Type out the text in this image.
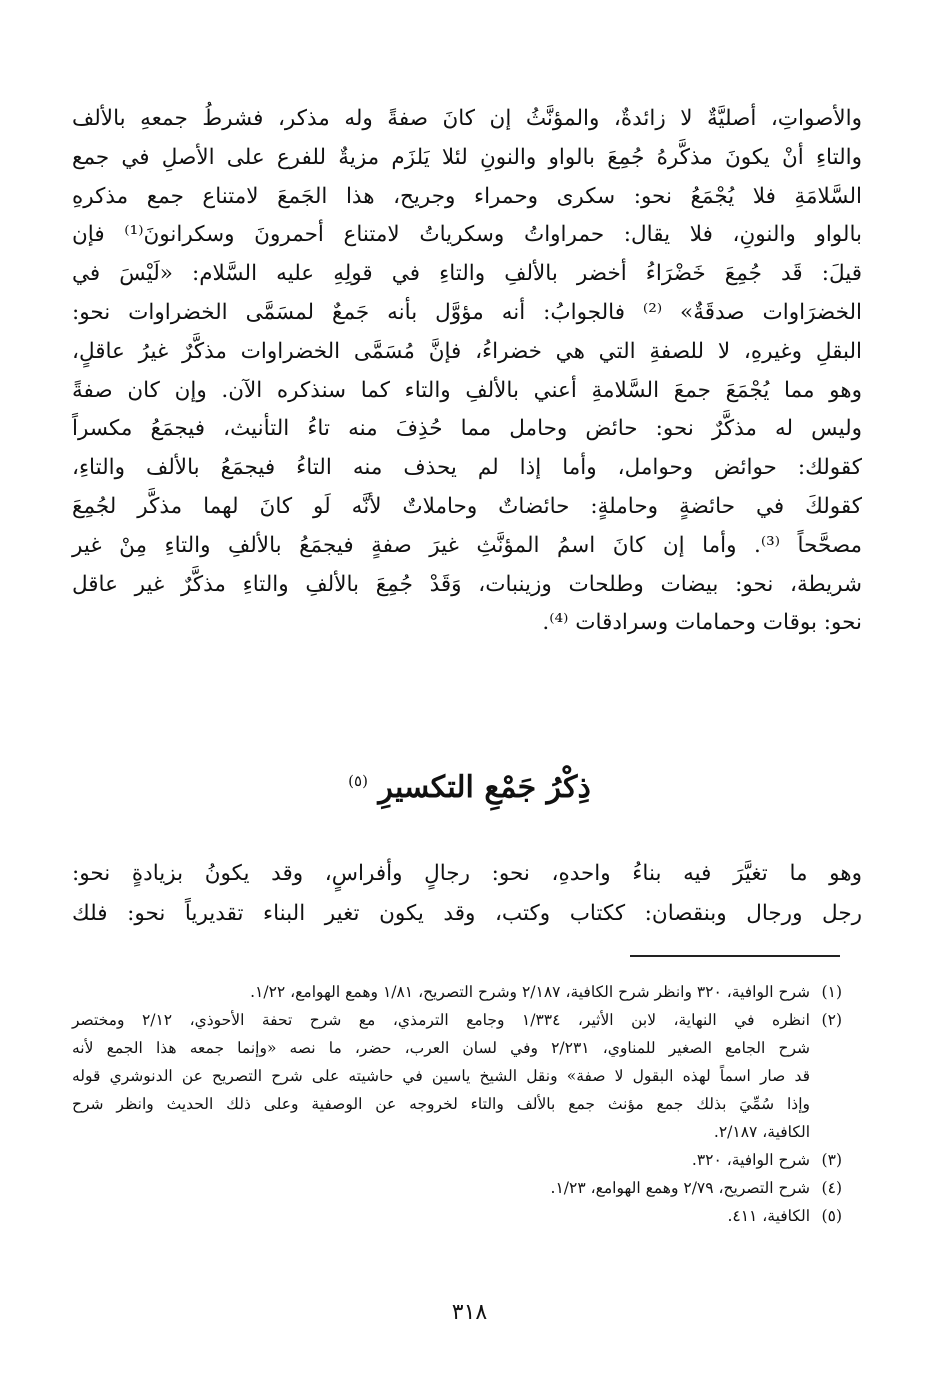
والأصواتِ، أصليَّةٌ لا زائدةٌ، والمؤنَّثُ إن كانَ صفةً وله مذكر، فشرطُ جمعهِ بالألف
والتاءِ أنْ يكونَ مذكَّرهُ جُمِعَ بالواو والنونِ لئلا يَلزَم مزيةٌ للفرع على الأصلِ في جمع
السَّلامَةِ فلا يُجْمَعُ نحو: سكرى وحمراء وجريح، هذا الجَمعَ لامتناع جمع مذكرهِ
بالواو والنونِ، فلا يقال: حمراواتُ وسكرياتُ لامتناع أحمرونَ وسكرانونَ⁽¹⁾ فإن
قيلَ: قَد جُمِعَ خَضْرَاءُ أخضر بالألفِ والتاءِ في قولِهِ عليه السَّلام: «لَيْسَ في
الخضرَاوات صدقَةٌ» ⁽²⁾ فالجوابُ: أنه مؤوَّل بأنه جَمعٌ لمسَمَّى الخضراوات نحو:
البقلِ وغيرهِ، لا للصفةِ التي هي خضراءُ، فإنَّ مُسَمَّى الخضراوات مذكَّرٌ غيرُ عاقلٍ،
وهو مما يُجْمَعَ جمعَ السَّلامةِ أعني بالألفِ والتاء كما سنذكره الآن. وإن كان صفةً
وليس له مذكَّرٌ نحو: حائض وحامل مما حُذِفَ منه تاءُ التأنيث، فيجمَعُ مكسراً
كقولك: حوائض وحوامل، وأما إذا لم يحذف منه التاءُ فيجمَعُ بالألف والتاءِ،
كقولكَ في حائضةٍ وحاملةٍ: حائضاتٌ وحاملاتٌ لأنَّه لَو كانَ لهما مذكَّر لجُمِعَ
مصحَّحاً ⁽³⁾. وأما إن كانَ اسمُ المؤنَّثِ غيرَ صفةٍ فيجمَعُ بالألفِ والتاءِ مِنْ غير
شريطة، نحو: بيضات وطلحات وزينبات، وَقَدْ جُمِعَ بالألفِ والتاءِ مذكَّرٌ غير عاقل
نحو: بوقات وحمامات وسرادقات ⁽⁴⁾.
ذِكْرُ جَمْعِ التكسيرِ $^{(٥)}$
وهو ما تغيَّرَ فيه بناءُ واحدهِ، نحو: رجالٍ وأفراسٍ، وقد يكونُ بزيادةٍ نحو:
رجل ورجال وبنقصان: ككتاب وكتب، وقد يكون تغير البناء تقديرياً نحو: فلك
(١)
شرح الوافية، ٣٢٠ وانظر شرح الكافية، ٢/١٨٧ وشرح التصريح، ١/٨١ وهمع الهوامع، ١/٢٢.
(٢)
انظره في النهاية، لابن الأثير، ١/٣٣٤ وجامع الترمذي، مع شرح تحفة الأحوذي، ٢/١٢ ومختصر
شرح الجامع الصغير للمناوي، ٢/٢٣١ وفي لسان العرب، حضر، ما نصه «وإنما جمعه هذا الجمع لأنه
قد صار اسماً لهذه البقول لا صفة» ونقل الشيخ ياسين في حاشيته على شرح التصريح عن الدنوشري قوله
وإذا سُمِّيَ بذلك جمع مؤنث جمع بالألف والتاء لخروجه عن الوصفية وعلى ذلك الحديث وانظر شرح
الكافية، ٢/١٨٧.
(٣)
شرح الوافية، ٣٢٠.
(٤)
شرح التصريح، ٢/٧٩ وهمع الهوامع، ١/٢٣.
(٥)
الكافية، ٤١١.
٣١٨
